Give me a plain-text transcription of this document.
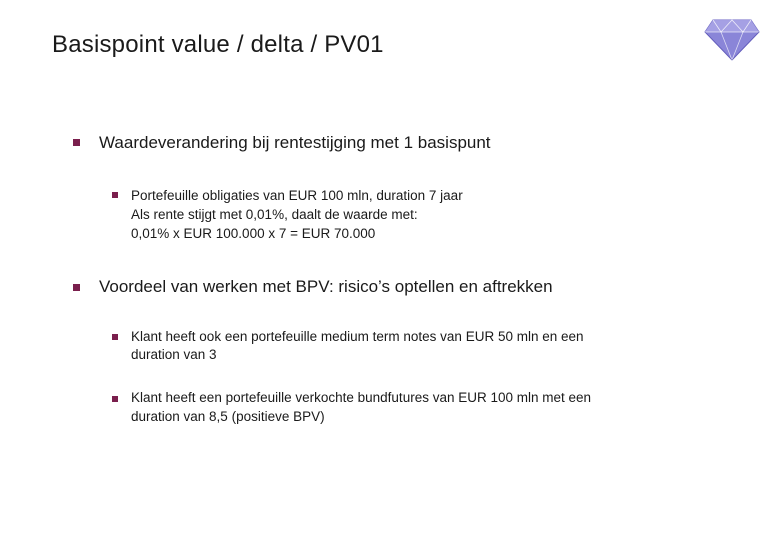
Basispoint value / delta / PV01
Waardeverandering bij rentestijging met 1 basispunt
Portefeuille obligaties van EUR 100 mln, duration 7 jaar
Als rente stijgt met 0,01%, daalt de waarde met:
0,01% x EUR 100.000 x 7 = EUR 70.000
Voordeel van werken met BPV: risico’s optellen en aftrekken
Klant heeft ook een portefeuille medium term notes van EUR 50 mln en een
duration van 3
Klant heeft een portefeuille verkochte bundfutures van EUR 100 mln met een
duration van 8,5 (positieve BPV)
